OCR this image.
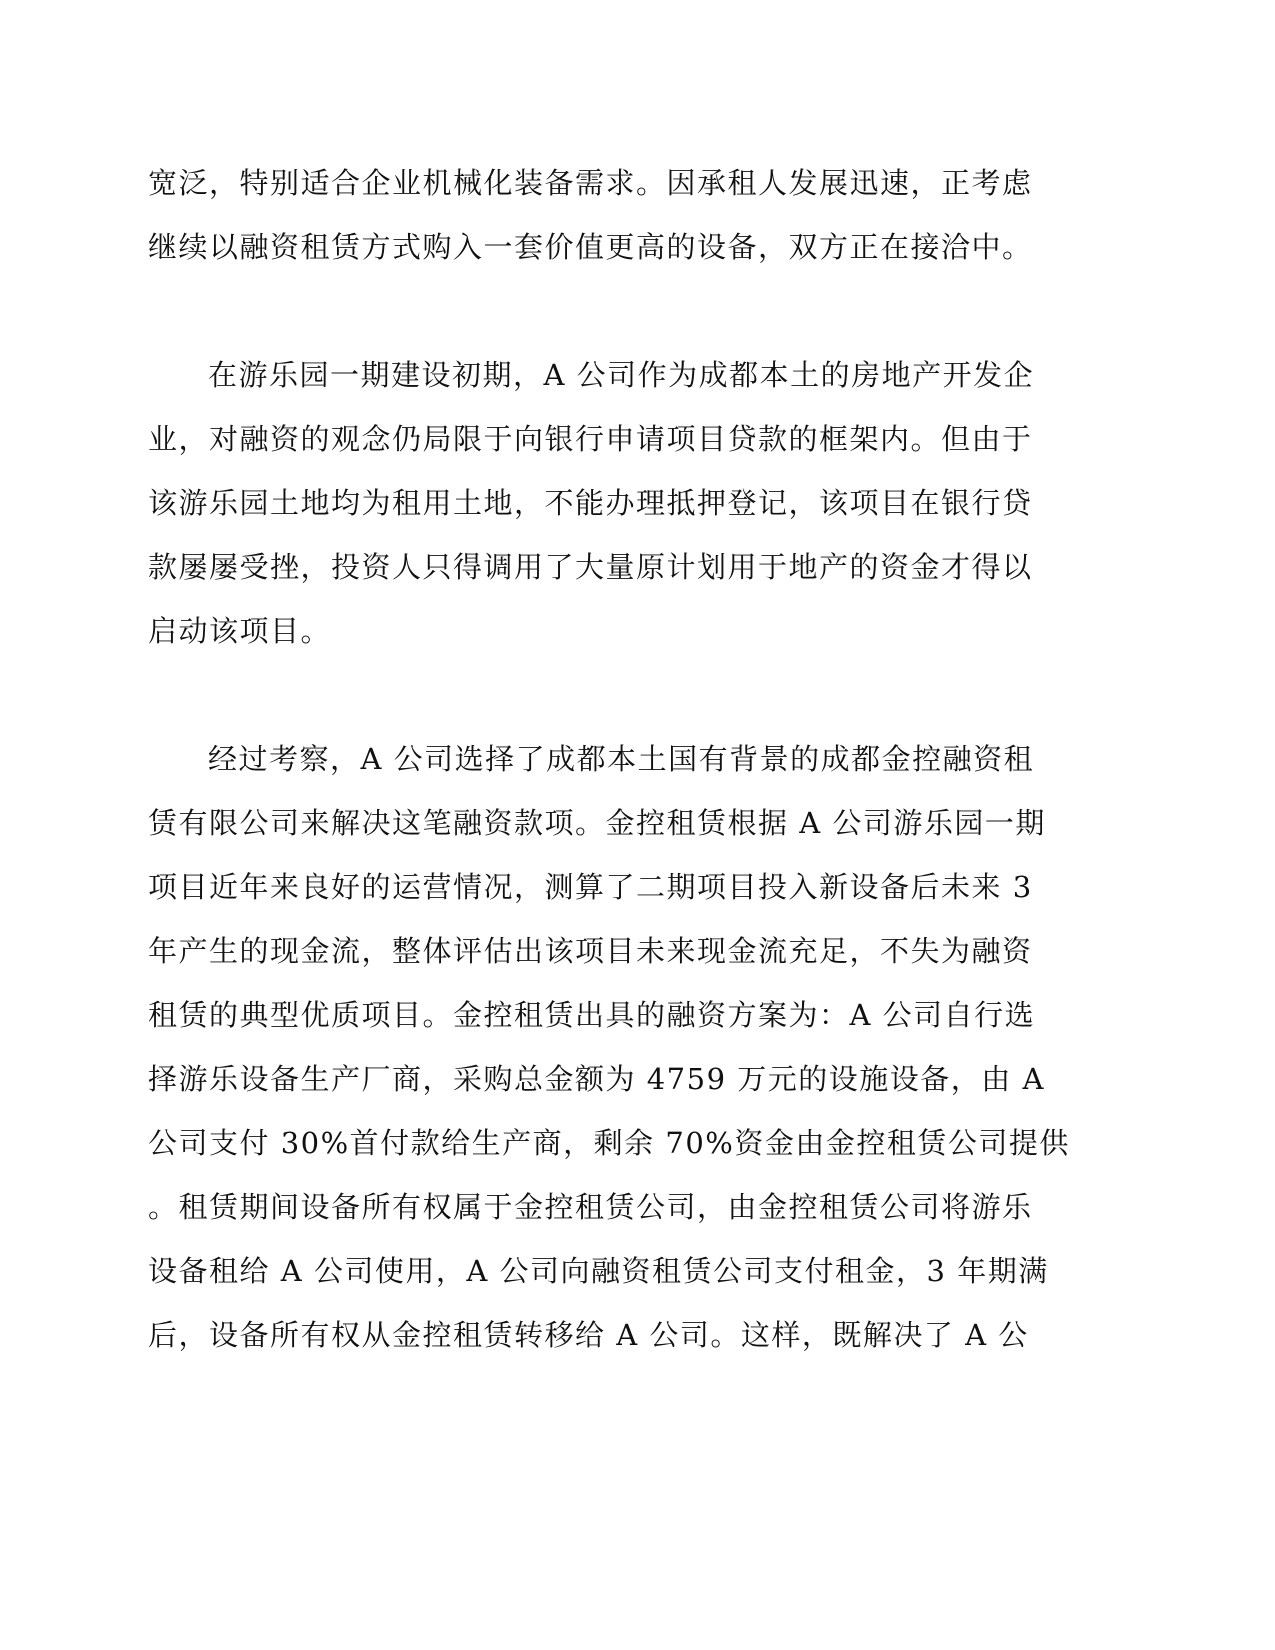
宽泛，特别适合企业机械化装备需求。因承租人发展迅速，正考虑
继续以融资租赁方式购入一套价值更高的设备，双方正在接洽中。
在游乐园一期建设初期，A 公司作为成都本土的房地产开发企
业，对融资的观念仍局限于向银行申请项目贷款的框架内。但由于
该游乐园土地均为租用土地，不能办理抵押登记，该项目在银行贷
款屡屡受挫，投资人只得调用了大量原计划用于地产的资金才得以
启动该项目。
经过考察，A 公司选择了成都本土国有背景的成都金控融资租
赁有限公司来解决这笔融资款项。金控租赁根据 A 公司游乐园一期
项目近年来良好的运营情况，测算了二期项目投入新设备后未来 3
年产生的现金流，整体评估出该项目未来现金流充足，不失为融资
租赁的典型优质项目。金控租赁出具的融资方案为：A 公司自行选
择游乐设备生产厂商，采购总金额为 4759 万元的设施设备，由 A
公司支付 30%首付款给生产商，剩余 70%资金由金控租赁公司提供
。租赁期间设备所有权属于金控租赁公司，由金控租赁公司将游乐
设备租给 A 公司使用，A 公司向融资租赁公司支付租金，3 年期满
后，设备所有权从金控租赁转移给 A 公司。这样，既解决了 A 公
